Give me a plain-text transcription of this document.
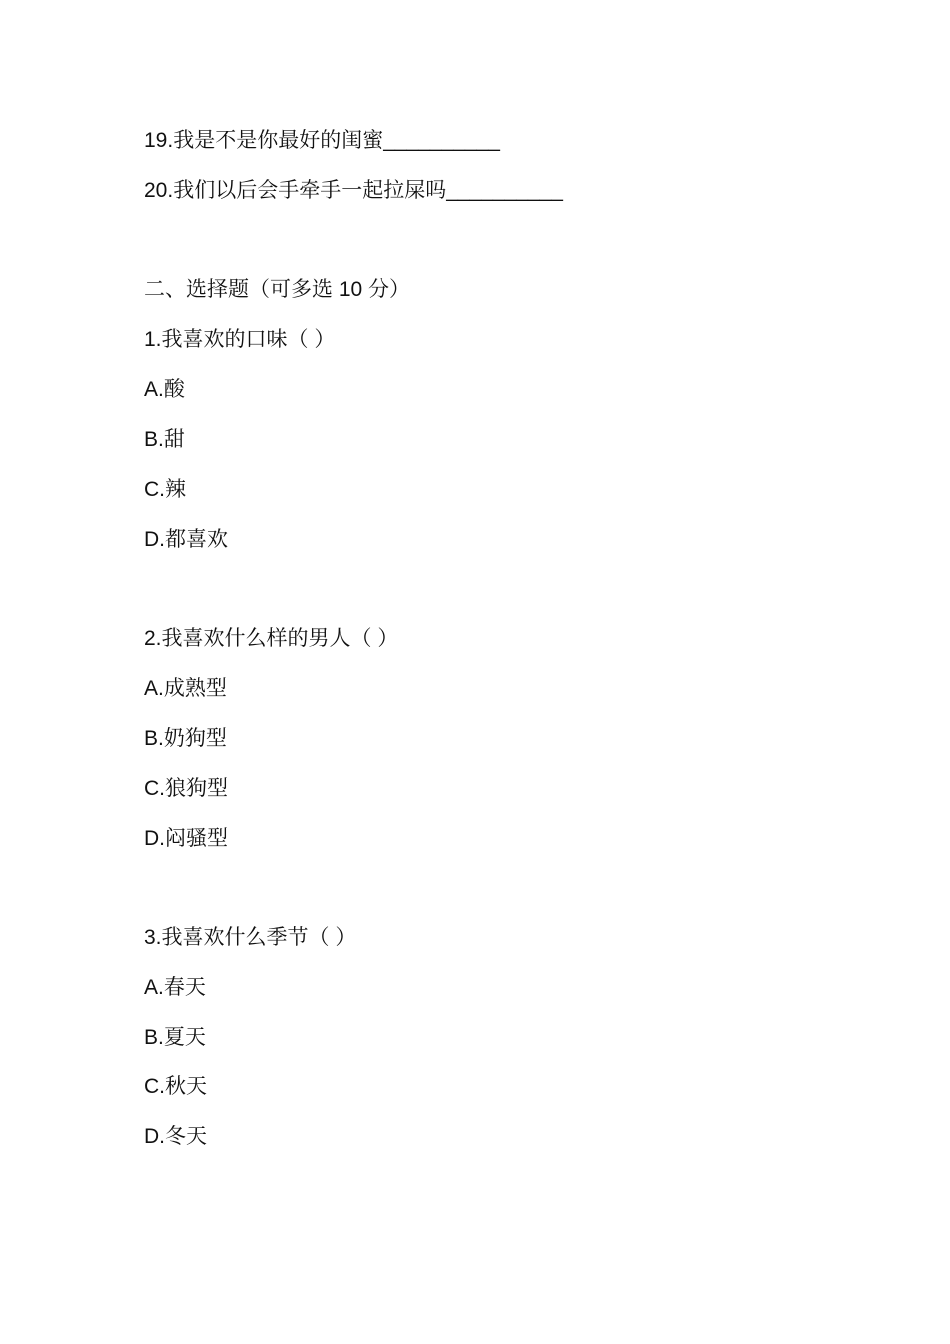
19.我是不是你最好的闺蜜__________
20.我们以后会手牵手一起拉屎吗__________
二、选择题（可多选 10 分）
1.我喜欢的口味（ ）
A.酸
B.甜
C.辣
D.都喜欢
2.我喜欢什么样的男人（ ）
A.成熟型
B.奶狗型
C.狼狗型
D.闷骚型
3.我喜欢什么季节（ ）
A.春天
B.夏天
C.秋天
D.冬天
